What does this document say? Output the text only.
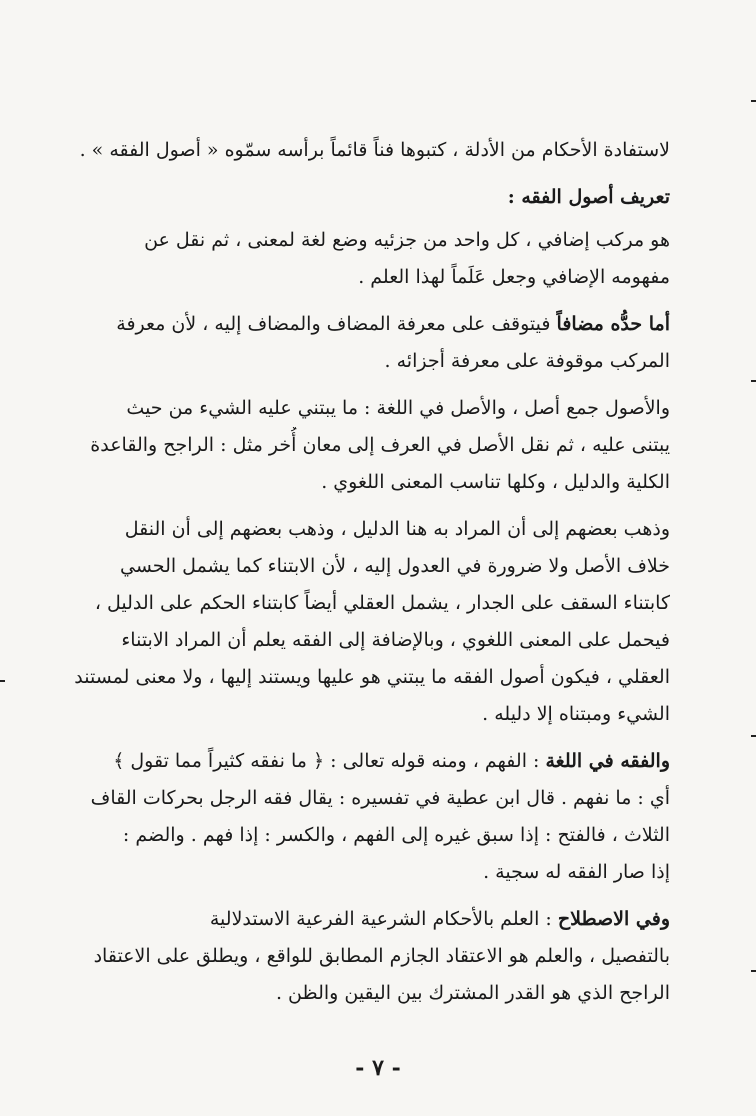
لاستفادة الأحكام من الأدلة ، كتبوها فناً قائماً برأسه سمّوه « أصول الفقه » .
تعريف أصول الفقه :
هو مركب إضافي ، كل واحد من جزئيه وضع لغة لمعنى ، ثم نقل عن
مفهومه الإضافي وجعل عَلَماً لهذا العلم .
أما حدُّه مضافاً فيتوقف على معرفة المضاف والمضاف إليه ، لأن معرفة
المركب موقوفة على معرفة أجزائه .
والأصول جمع أصل ، والأصل في اللغة : ما يبتني عليه الشيء من حيث
يبتنى عليه ، ثم نقل الأصل في العرف إلى معان أُخر مثل : الراجح والقاعدة
الكلية والدليل ، وكلها تناسب المعنى اللغوي .
وذهب بعضهم إلى أن المراد به هنا الدليل ، وذهب بعضهم إلى أن النقل
خلاف الأصل ولا ضرورة في العدول إليه ، لأن الابتناء كما يشمل الحسي
كابتناء السقف على الجدار ، يشمل العقلي أيضاً كابتناء الحكم على الدليل ،
فيحمل على المعنى اللغوي ، وبالإضافة إلى الفقه يعلم أن المراد الابتناء
العقلي ، فيكون أصول الفقه ما يبتني هو عليها ويستند إليها ، ولا معنى لمستند
الشيء ومبتناه إلا دليله .
والفقه في اللغة : الفهم ، ومنه قوله تعالى : ﴿ ما نفقه كثيراً مما تقول ﴾
أي : ما نفهم . قال ابن عطية في تفسيره : يقال فقه الرجل بحركات القاف
الثلاث ، فالفتح : إذا سبق غيره إلى الفهم ، والكسر : إذا فهم . والضم :
إذا صار الفقه له سجية .
وفي الاصطلاح : العلم بالأحكام الشرعية الفرعية الاستدلالية
بالتفصيل ، والعلم هو الاعتقاد الجازم المطابق للواقع ، ويطلق على الاعتقاد
الراجح الذي هو القدر المشترك بين اليقين والظن .
- ٧ -
